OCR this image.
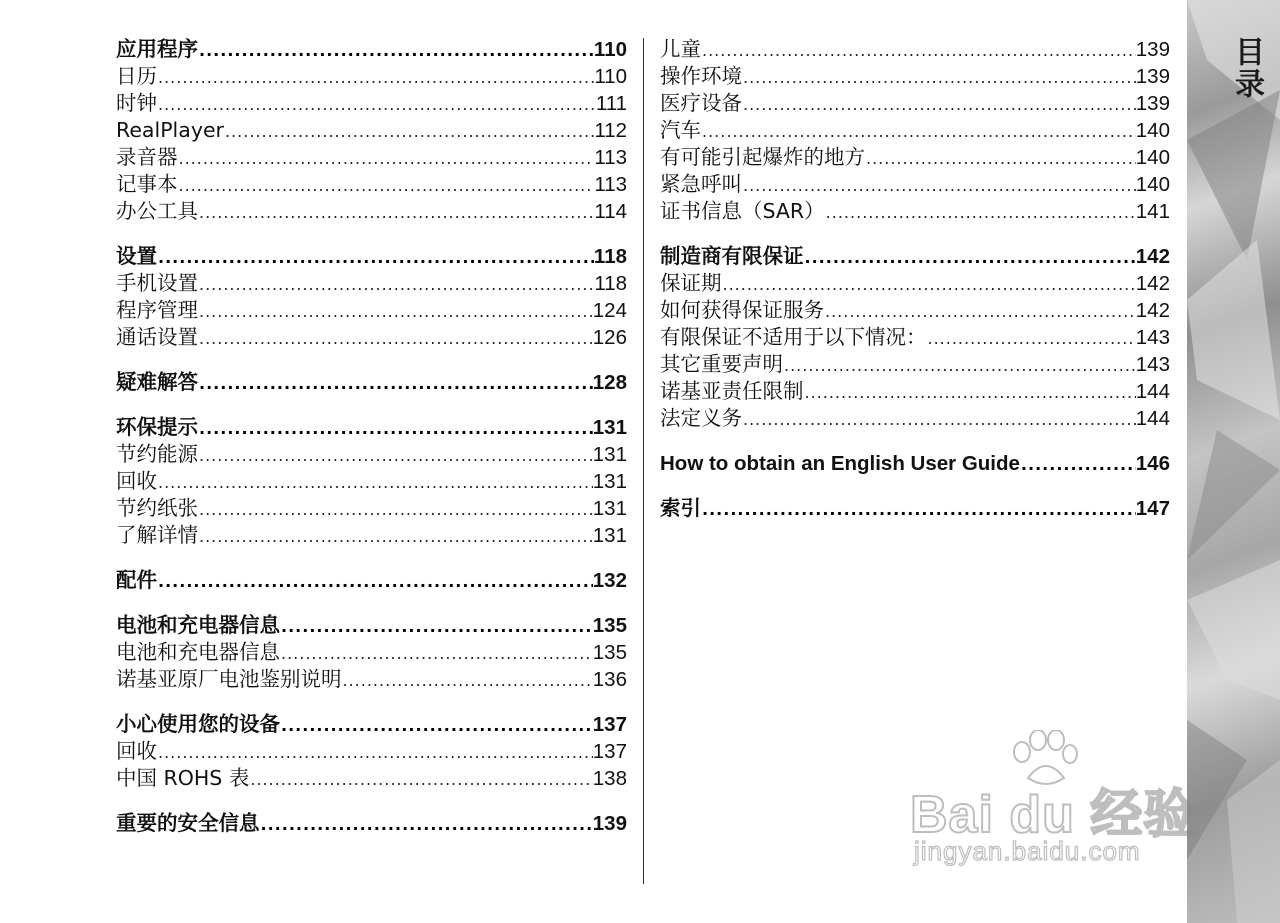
应用程序 .....	110
日历 .....	110
时钟 .....	111
RealPlayer .....	112
录音器 .....	113
记事本 .....	113
办公工具 .....	114
设置 .....	118
手机设置 .....	118
程序管理 .....	124
通话设置 .....	126
疑难解答 .....	128
环保提示 .....	131
节约能源 .....	131
回收 .....	131
节约纸张 .....	131
了解详情 .....	131
配件 .....	132
电池和充电器信息 .....	135
电池和充电器信息 .....	135
诺基亚原厂电池鉴别说明 .....	136
小心使用您的设备 .....	137
回收 .....	137
中国 ROHS 表 .....	138
重要的安全信息 .....	139
儿童 .....	139
操作环境 .....	139
医疗设备 .....	139
汽车 .....	140
有可能引起爆炸的地方 .....	140
紧急呼叫 .....	140
证书信息（SAR） .....	141
制造商有限保证 .....	142
保证期 .....	142
如何获得保证服务 .....	142
有限保证不适用于以下情况： .....	143
其它重要声明 .....	143
诺基亚责任限制 .....	144
法定义务 .....	144
How to obtain an English User Guide .....	146
索引 .....	147
目录
Bai du 经验
jingyan.baidu.com
